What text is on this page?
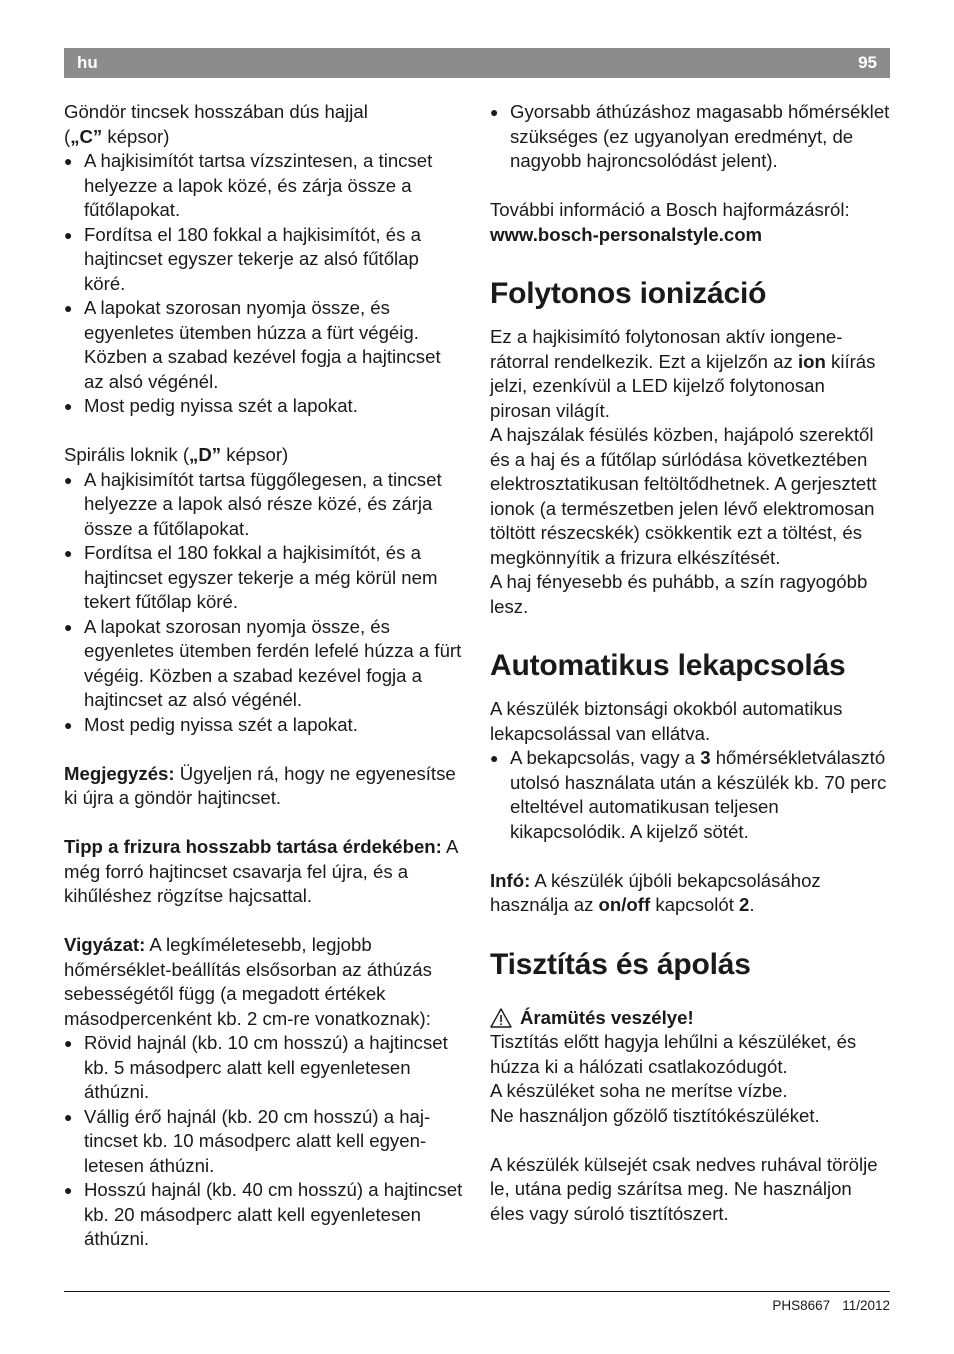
hu	95

Göndör tincsek hosszában dús hajjal

(„C” képsor)

● A hajkisimítót tartsa vízszintesen, a tincset helyezze a lapok közé, és zárja össze a fűtőlapokat.
● Fordítsa el 180 fokkal a hajkisimítót, és a hajtincset egyszer tekerje az alsó fűtőlap köré.
● A lapokat szorosan nyomja össze, és egyenletes ütemben húzza a fürt végéig. Közben a szabad kezével fogja a hajtincset az alsó végénél.
● Most pedig nyissa szét a lapokat.

Spirális loknik („D” képsor)

● A hajkisimítót tartsa függőlegesen, a tincset helyezze a lapok alsó része közé, és zárja össze a fűtőlapokat.
● Fordítsa el 180 fokkal a hajkisimítót, és a hajtincset egyszer tekerje a még körül nem tekert fűtőlap köré.
● A lapokat szorosan nyomja össze, és egyenletes ütemben ferdén lefelé húzza a fürt végéig. Közben a szabad kezével fogja a hajtincset az alsó végénél.
● Most pedig nyissa szét a lapokat.

Megjegyzés: Ügyeljen rá, hogy ne egyenesítse ki újra a göndör hajtincset.

Tipp a frizura hosszabb tartása érdekében: A még forró hajtincset csavarja fel újra, és a kihűléshez rögzítse hajcsattal.

Vigyázat: A legkíméletesebb, legjobb hőmérséklet-beállítás elsősorban az áthúzás sebességétől függ (a megadott értékek másodpercenként kb. 2 cm-re vonatkoznak):

● Rövid hajnál (kb. 10 cm hosszú) a hajtincset kb. 5 másodperc alatt kell egyenletesen áthúzni.
● Vállig érő hajnál (kb. 20 cm hosszú) a hajtincset kb. 10 másodperc alatt kell egyenletesen áthúzni.
● Hosszú hajnál (kb. 40 cm hosszú) a hajtincset kb. 20 másodperc alatt kell egyenletesen áthúzni.
● Gyorsabb áthúzáshoz magasabb hőmérséklet szükséges (ez ugyanolyan eredményt, de nagyobb hajroncsolódást jelent).

További információ a Bosch hajformázásról:

www.bosch-personalstyle.com

Folytonos ionizáció

Ez a hajkisimító folytonosan aktív iongenerátorral rendelkezik. Ezt a kijelzőn az ion kiírás jelzi, ezenkívül a LED kijelző folytonosan pirosan világít.

A hajszálak fésülés közben, hajápoló szerektől és a haj és a fűtőlap súrlódása következtében elektrosztatikusan feltöltődhetnek. A gerjesztett ionok (a természetben jelen lévő elektromosan töltött részecskék) csökkentik ezt a töltést, és megkönnyítik a frizura elkészítését.

A haj fényesebb és puhább, a szín ragyogóbb lesz.

Automatikus lekapcsolás

A készülék biztonsági okokból automatikus lekapcsolással van ellátva.

● A bekapcsolás, vagy a 3 hőmérsékletválasztó utolsó használata után a készülék kb. 70 perc elteltével automatikusan teljesen kikapcsolódik. A kijelző sötét.

Infó: A készülék újbóli bekapcsolásához használja az on/off kapcsolót 2.

Tisztítás és ápolás

Áramütés veszélye!

Tisztítás előtt hagyja lehűlni a készüléket, és húzza ki a hálózati csatlakozódugót.

A készüléket soha ne merítse vízbe.

Ne használjon gőzölő tisztítókészüléket.

A készülék külsejét csak nedves ruhával törölje le, utána pedig szárítsa meg. Ne használjon éles vagy súroló tisztítószert.

PHS8667 11/2012
